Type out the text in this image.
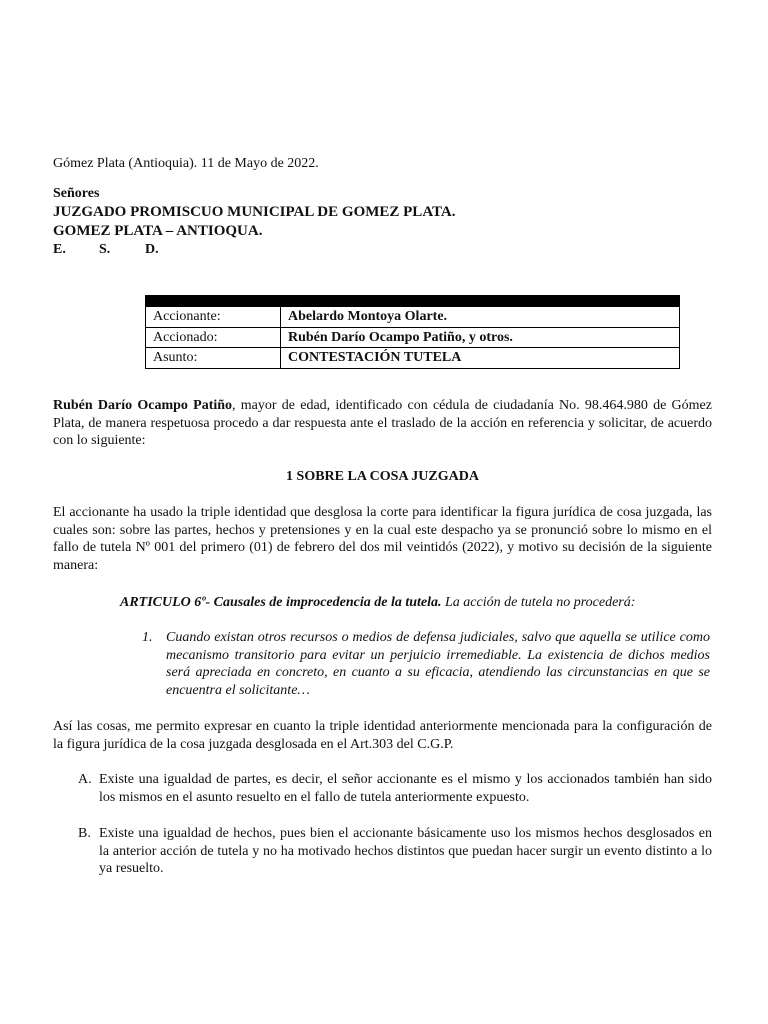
Gómez Plata (Antioquia). 11 de Mayo de 2022.

Señores
JUZGADO PROMISCUO MUNICIPAL DE GOMEZ PLATA.
GOMEZ PLATA – ANTIOQUA.
E.	S.	D.

Accionante:	Abelardo Montoya Olarte.
Accionado:	Rubén Darío Ocampo Patiño, y otros.
Asunto:	CONTESTACIÓN TUTELA

Rubén Darío Ocampo Patiño, mayor de edad, identificado con cédula de ciudadanía No. 98.464.980 de Gómez Plata, de manera respetuosa procedo a dar respuesta ante el traslado de la acción en referencia y solicitar, de acuerdo con lo siguiente:

1 SOBRE LA COSA JUZGADA

El accionante ha usado la triple identidad que desglosa la corte para identificar la figura jurídica de cosa juzgada, las cuales son: sobre las partes, hechos y pretensiones y en la cual este despacho ya se pronunció sobre lo mismo en el fallo de tutela Nº 001 del primero (01) de febrero del dos mil veintidós (2022), y motivo su decisión de la siguiente manera:

ARTICULO 6º- Causales de improcedencia de la tutela. La acción de tutela no procederá:
1. Cuando existan otros recursos o medios de defensa judiciales, salvo que aquella se utilice como mecanismo transitorio para evitar un perjuicio irremediable. La existencia de dichos medios será apreciada en concreto, en cuanto a su eficacia, atendiendo las circunstancias en que se encuentra el solicitante…

Así las cosas, me permito expresar en cuanto la triple identidad anteriormente mencionada para la configuración de la figura jurídica de la cosa juzgada desglosada en el Art.303 del C.G.P.

A. Existe una igualdad de partes, es decir, el señor accionante es el mismo y los accionados también han sido los mismos en el asunto resuelto en el fallo de tutela anteriormente expuesto.
B. Existe una igualdad de hechos, pues bien el accionante básicamente uso los mismos hechos desglosados en la anterior acción de tutela y no ha motivado hechos distintos que puedan hacer surgir un evento distinto a lo ya resuelto.
